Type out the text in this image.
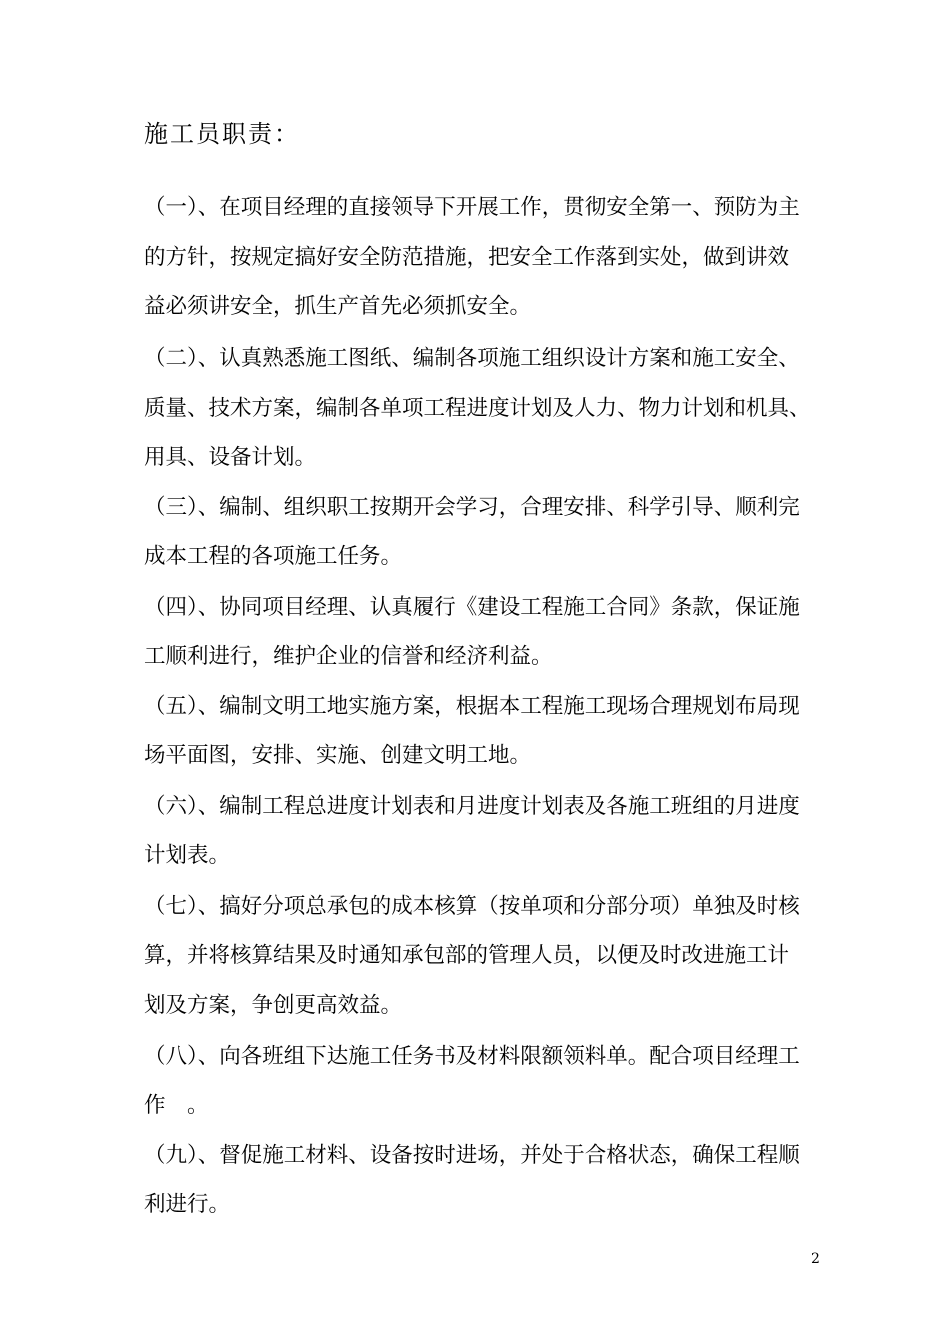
施工员职责：
（一）、在项目经理的直接领导下开展工作，贯彻安全第一、预防为主
的方针，按规定搞好安全防范措施，把安全工作落到实处，做到讲效
益必须讲安全，抓生产首先必须抓安全。
（二）、认真熟悉施工图纸、编制各项施工组织设计方案和施工安全、
质量、技术方案，编制各单项工程进度计划及人力、物力计划和机具、
用具、设备计划。
（三）、编制、组织职工按期开会学习，合理安排、科学引导、顺利完
成本工程的各项施工任务。
（四）、协同项目经理、认真履行《建设工程施工合同》条款，保证施
工顺利进行，维护企业的信誉和经济利益。
（五）、编制文明工地实施方案，根据本工程施工现场合理规划布局现
场平面图，安排、实施、创建文明工地。
（六）、编制工程总进度计划表和月进度计划表及各施工班组的月进度
计划表。
（七）、搞好分项总承包的成本核算（按单项和分部分项）单独及时核
算，并将核算结果及时通知承包部的管理人员，以便及时改进施工计
划及方案，争创更高效益。
（八）、向各班组下达施工任务书及材料限额领料单。配合项目经理工
作　。
（九）、督促施工材料、设备按时进场，并处于合格状态，确保工程顺
利进行。
2
